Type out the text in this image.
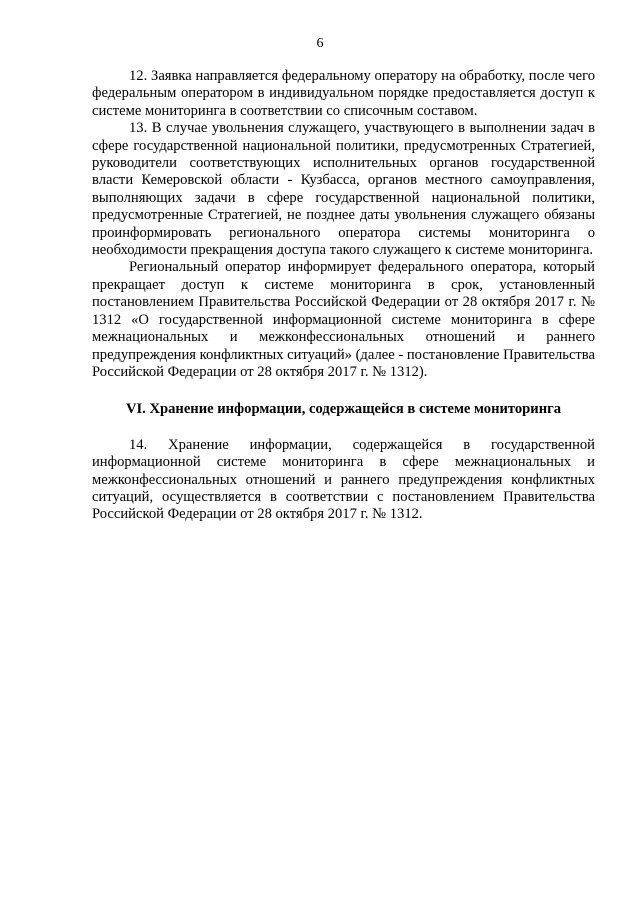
6

12. Заявка направляется федеральному оператору на обработку, после чего федеральным оператором в индивидуальном порядке предоставляется доступ к системе мониторинга в соответствии со списочным составом.

13. В случае увольнения служащего, участвующего в выполнении задач в сфере государственной национальной политики, предусмотренных Стратегией, руководители соответствующих исполнительных органов государственной власти Кемеровской области - Кузбасса, органов местного самоуправления, выполняющих задачи в сфере государственной национальной политики, предусмотренные Стратегией, не позднее даты увольнения служащего обязаны проинформировать регионального оператора системы мониторинга о необходимости прекращения доступа такого служащего к системе мониторинга.

Региональный оператор информирует федерального оператора, который прекращает доступ к системе мониторинга в срок, установленный постановлением Правительства Российской Федерации от 28 октября 2017 г. № 1312 «О государственной информационной системе мониторинга в сфере межнациональных и межконфессиональных отношений и раннего предупреждения конфликтных ситуаций» (далее - постановление Правительства Российской Федерации от 28 октября 2017 г. № 1312).

VI. Хранение информации, содержащейся в системе мониторинга

14. Хранение информации, содержащейся в государственной информационной системе мониторинга в сфере межнациональных и межконфессиональных отношений и раннего предупреждения конфликтных ситуаций, осуществляется в соответствии с постановлением Правительства Российской Федерации от 28 октября 2017 г. № 1312.
